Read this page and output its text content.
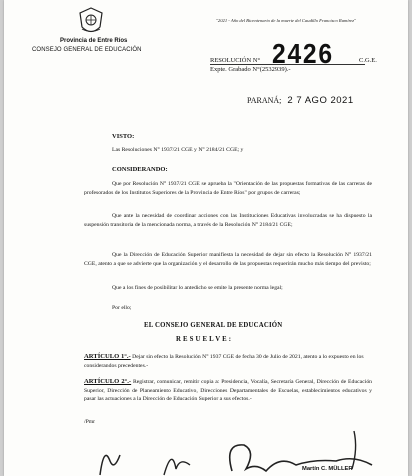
Provincia de Entre Ríos
CONSEJO GENERAL DE EDUCACIÓN
"2021 - Año del Bicentenario de la muerte del Caudillo Francisco Ramírez"
RESOLUCIÓN N° 2426	C.G.E.
Expte. Grabado N°(2532939).-
PARANÁ; 2 7 AGO 2021
VISTO:
Las Resoluciones N° 1937/21 CGE y N° 2184/21 CGE; y
CONSIDERANDO:
Que por Resolución N° 1937/21 CGE se aprueba la "Orientación de las propuestas formativas de las carreras de profesorados de los Institutos Superiores de la Provincia de Entre Ríos" por grupos de carreras;
Que ante la necesidad de coordinar acciones con las Instituciones Educativas involucradas se ha dispuesto la suspensión transitoria de la mencionada norma, a través de la Resolución N° 2184/21 CGE;
Que la Dirección de Educación Superior manifiesta la necesidad de dejar sin efecto la Resolución N° 1937/21 CGE, atento a que se advierte que la organización y el desarrollo de las propuestas requerirán mucho más tiempo del previsto;
Que a los fines de posibilitar lo antedicho se emite la presente norma legal;
Por ello;
EL CONSEJO GENERAL DE EDUCACIÓN
R E S U E L V E :
ARTÍCULO 1°.- Dejar sin efecto la Resolución N° 1937 CGE de fecha 30 de Julio de 2021, atento a lo expuesto en los considerandos precedentes.-
ARTÍCULO 2°.- Registrar, comunicar, remitir copia a: Presidencia, Vocalía, Secretaría General, Dirección de Educación Superior, Dirección de Planeamiento Educativo, Direcciones Departamentales de Escuelas, establecimientos educativos y pasar las actuaciones a la Dirección de Educación Superior a sus efectos.-
/Pmr
Martín C. MÜLLER
